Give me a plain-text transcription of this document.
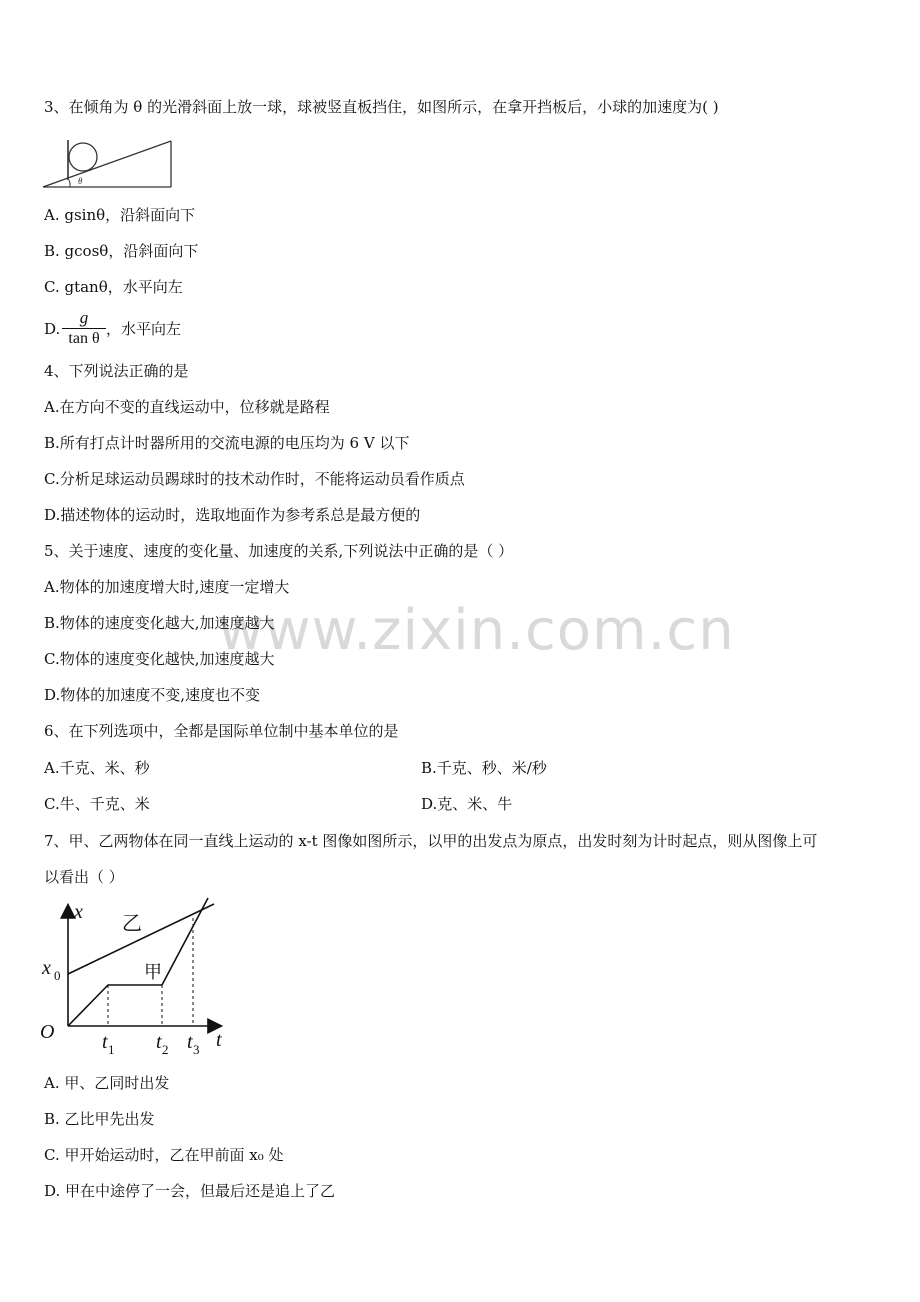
www.zixin.com.cn
3、在倾角为 θ 的光滑斜面上放一球，球被竖直板挡住，如图所示，在拿开挡板后，小球的加速度为( )
θ
A. gsinθ，沿斜面向下
B. gcosθ，沿斜面向下
C. gtanθ，水平向左
D.
g
tan θ
，水平向左
4、下列说法正确的是
A.在方向不变的直线运动中，位移就是路程
B.所有打点计时器所用的交流电源的电压均为 6 V 以下
C.分析足球运动员踢球时的技术动作时，不能将运动员看作质点
D.描述物体的运动时，选取地面作为参考系总是最方便的
5、关于速度、速度的变化量、加速度的关系,下列说法中正确的是（ ）
A.物体的加速度增大时,速度一定增大
B.物体的速度变化越大,加速度越大
C.物体的速度变化越快,加速度越大
D.物体的加速度不变,速度也不变
6、在下列选项中，全都是国际单位制中基本单位的是
A.千克、米、秒	B.千克、秒、米/秒
C.牛、千克、米	D.克、米、牛
7、甲、乙两物体在同一直线上运动的 x-t 图像如图所示，以甲的出发点为原点，出发时刻为计时起点，则从图像上可
以看出（ ）
x
t
O
x 0
t 1 t 2 t 3
乙
甲
A. 甲、乙同时出发
B. 乙比甲先出发
C. 甲开始运动时，乙在甲前面 x₀ 处
D. 甲在中途停了一会，但最后还是追上了乙
